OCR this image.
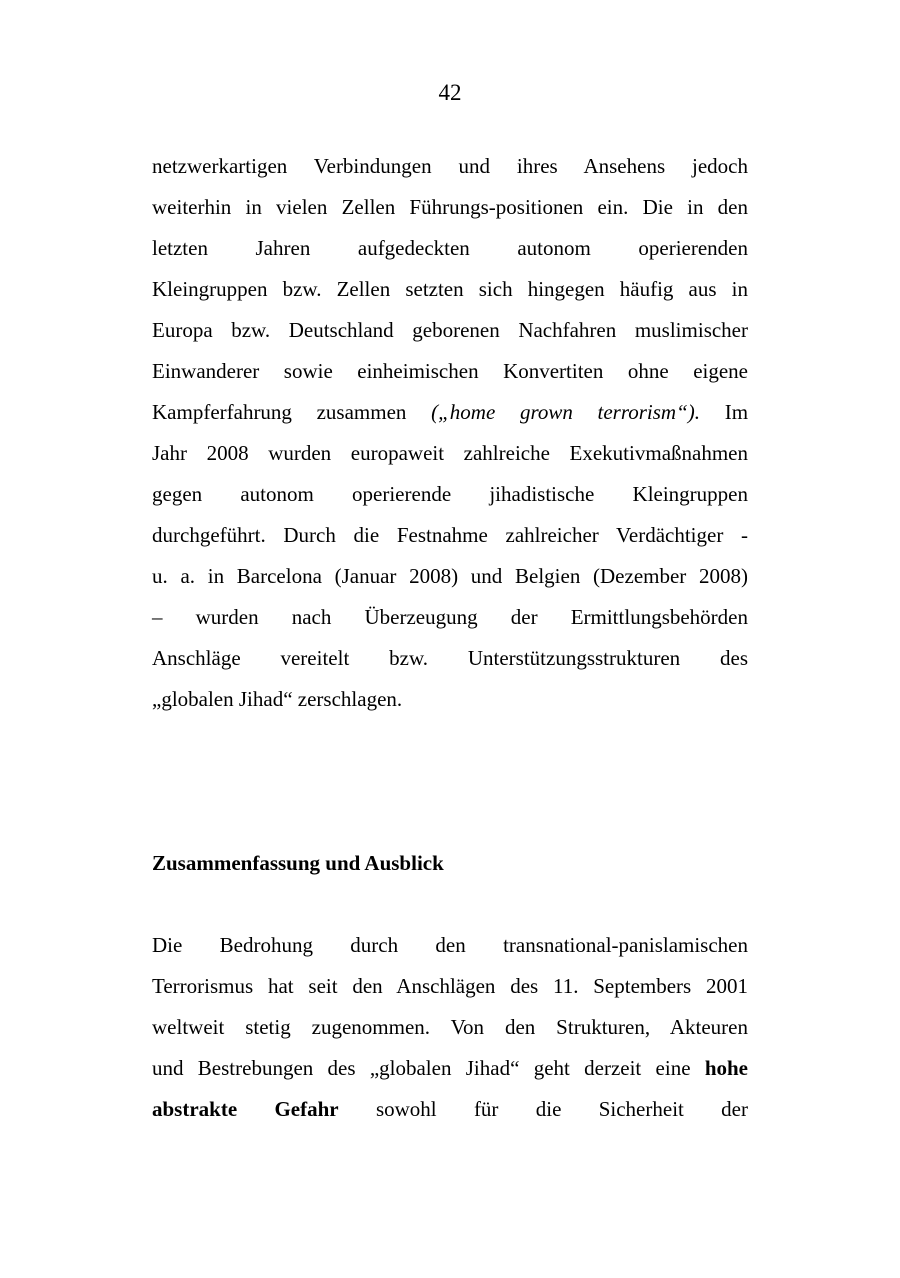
42
netzwerkartigen Verbindungen und ihres Ansehens jedoch
weiterhin in vielen Zellen Führungs-positionen ein. Die in den
letzten Jahren aufgedeckten autonom operierenden
Kleingruppen bzw. Zellen setzten sich hingegen häufig aus in
Europa bzw. Deutschland geborenen Nachfahren muslimischer
Einwanderer sowie einheimischen Konvertiten ohne eigene
Kampferfahrung zusammen („home grown terrorism“). Im
Jahr 2008 wurden europaweit zahlreiche Exekutivmaßnahmen
gegen autonom operierende jihadistische Kleingruppen
durchgeführt. Durch die Festnahme zahlreicher Verdächtiger -
u. a. in Barcelona (Januar 2008) und Belgien (Dezember 2008)
– wurden nach Überzeugung der Ermittlungsbehörden
Anschläge vereitelt bzw. Unterstützungsstrukturen des
„globalen Jihad“ zerschlagen.
Zusammenfassung und Ausblick
Die Bedrohung durch den transnational-panislamischen
Terrorismus hat seit den Anschlägen des 11. Septembers 2001
weltweit stetig zugenommen. Von den Strukturen, Akteuren
und Bestrebungen des „globalen Jihad“ geht derzeit eine hohe
abstrakte Gefahr sowohl für die Sicherheit der
